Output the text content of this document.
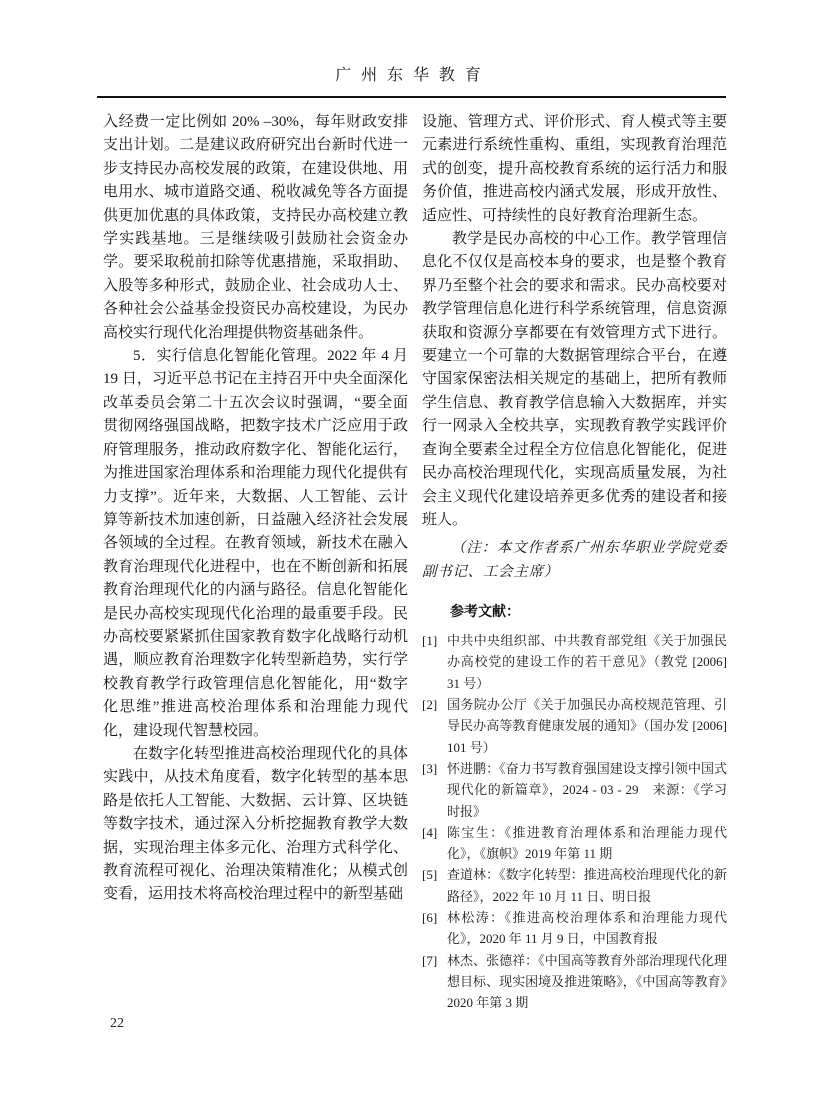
广州东华教育

入经费一定比例如 20% –30%，每年财政安排支出计划。二是建议政府研究出台新时代进一步支持民办高校发展的政策，在建设供地、用电用水、城市道路交通、税收减免等各方面提供更加优惠的具体政策，支持民办高校建立教学实践基地。三是继续吸引鼓励社会资金办学。要采取税前扣除等优惠措施，采取捐助、入股等多种形式，鼓励企业、社会成功人士、各种社会公益基金投资民办高校建设，为民办高校实行现代化治理提供物资基础条件。

5．实行信息化智能化管理。2022 年 4 月 19 日，习近平总书记在主持召开中央全面深化改革委员会第二十五次会议时强调，“要全面贯彻网络强国战略，把数字技术广泛应用于政府管理服务，推动政府数字化、智能化运行，为推进国家治理体系和治理能力现代化提供有力支撑”。近年来，大数据、人工智能、云计算等新技术加速创新，日益融入经济社会发展各领域的全过程。在教育领域，新技术在融入教育治理现代化进程中，也在不断创新和拓展教育治理现代化的内涵与路径。信息化智能化是民办高校实现现代化治理的最重要手段。民办高校要紧紧抓住国家教育数字化战略行动机遇，顺应教育治理数字化转型新趋势，实行学校教育教学行政管理信息化智能化，用“数字化思维”推进高校治理体系和治理能力现代化，建设现代智慧校园。

在数字化转型推进高校治理现代化的具体实践中，从技术角度看，数字化转型的基本思路是依托人工智能、大数据、云计算、区块链等数字技术，通过深入分析挖掘教育教学大数据，实现治理主体多元化、治理方式科学化、教育流程可视化、治理决策精准化；从模式创变看，运用技术将高校治理过程中的新型基础

设施、管理方式、评价形式、育人模式等主要元素进行系统性重构、重组，实现教育治理范式的创变，提升高校教育系统的运行活力和服务价值，推进高校内涵式发展，形成开放性、适应性、可持续性的良好教育治理新生态。

教学是民办高校的中心工作。教学管理信息化不仅仅是高校本身的要求，也是整个教育界乃至整个社会的要求和需求。民办高校要对教学管理信息化进行科学系统管理，信息资源获取和资源分享都要在有效管理方式下进行。要建立一个可靠的大数据管理综合平台，在遵守国家保密法相关规定的基础上，把所有教师学生信息、教育教学信息输入大数据库，并实行一网录入全校共享，实现教育教学实践评价查询全要素全过程全方位信息化智能化，促进民办高校治理现代化，实现高质量发展，为社会主义现代化建设培养更多优秀的建设者和接班人。

（注：本文作者系广州东华职业学院党委副书记、工会主席）

参考文献：

[1] 中共中央组织部、中共教育部党组《关于加强民办高校党的建设工作的若干意见》（教党 [2006] 31 号）
[2] 国务院办公厅《关于加强民办高校规范管理、引导民办高等教育健康发展的通知》（国办发 [2006] 101 号）
[3] 怀进鹏：《奋力书写教育强国建设支撑引领中国式现代化的新篇章》，2024 - 03 - 29　来源：《学习时报》
[4] 陈宝生：《推进教育治理体系和治理能力现代化》，《旗帜》2019 年第 11 期
[5] 查道林：《数字化转型：推进高校治理现代化的新路径》，2022 年 10 月 11 日、明日报
[6] 林松涛：《推进高校治理体系和治理能力现代化》，2020 年 11 月 9 日，中国教育报
[7] 林杰、张德祥：《中国高等教育外部治理现代化理想目标、现实困境及推进策略》，《中国高等教育》2020 年第 3 期
22
